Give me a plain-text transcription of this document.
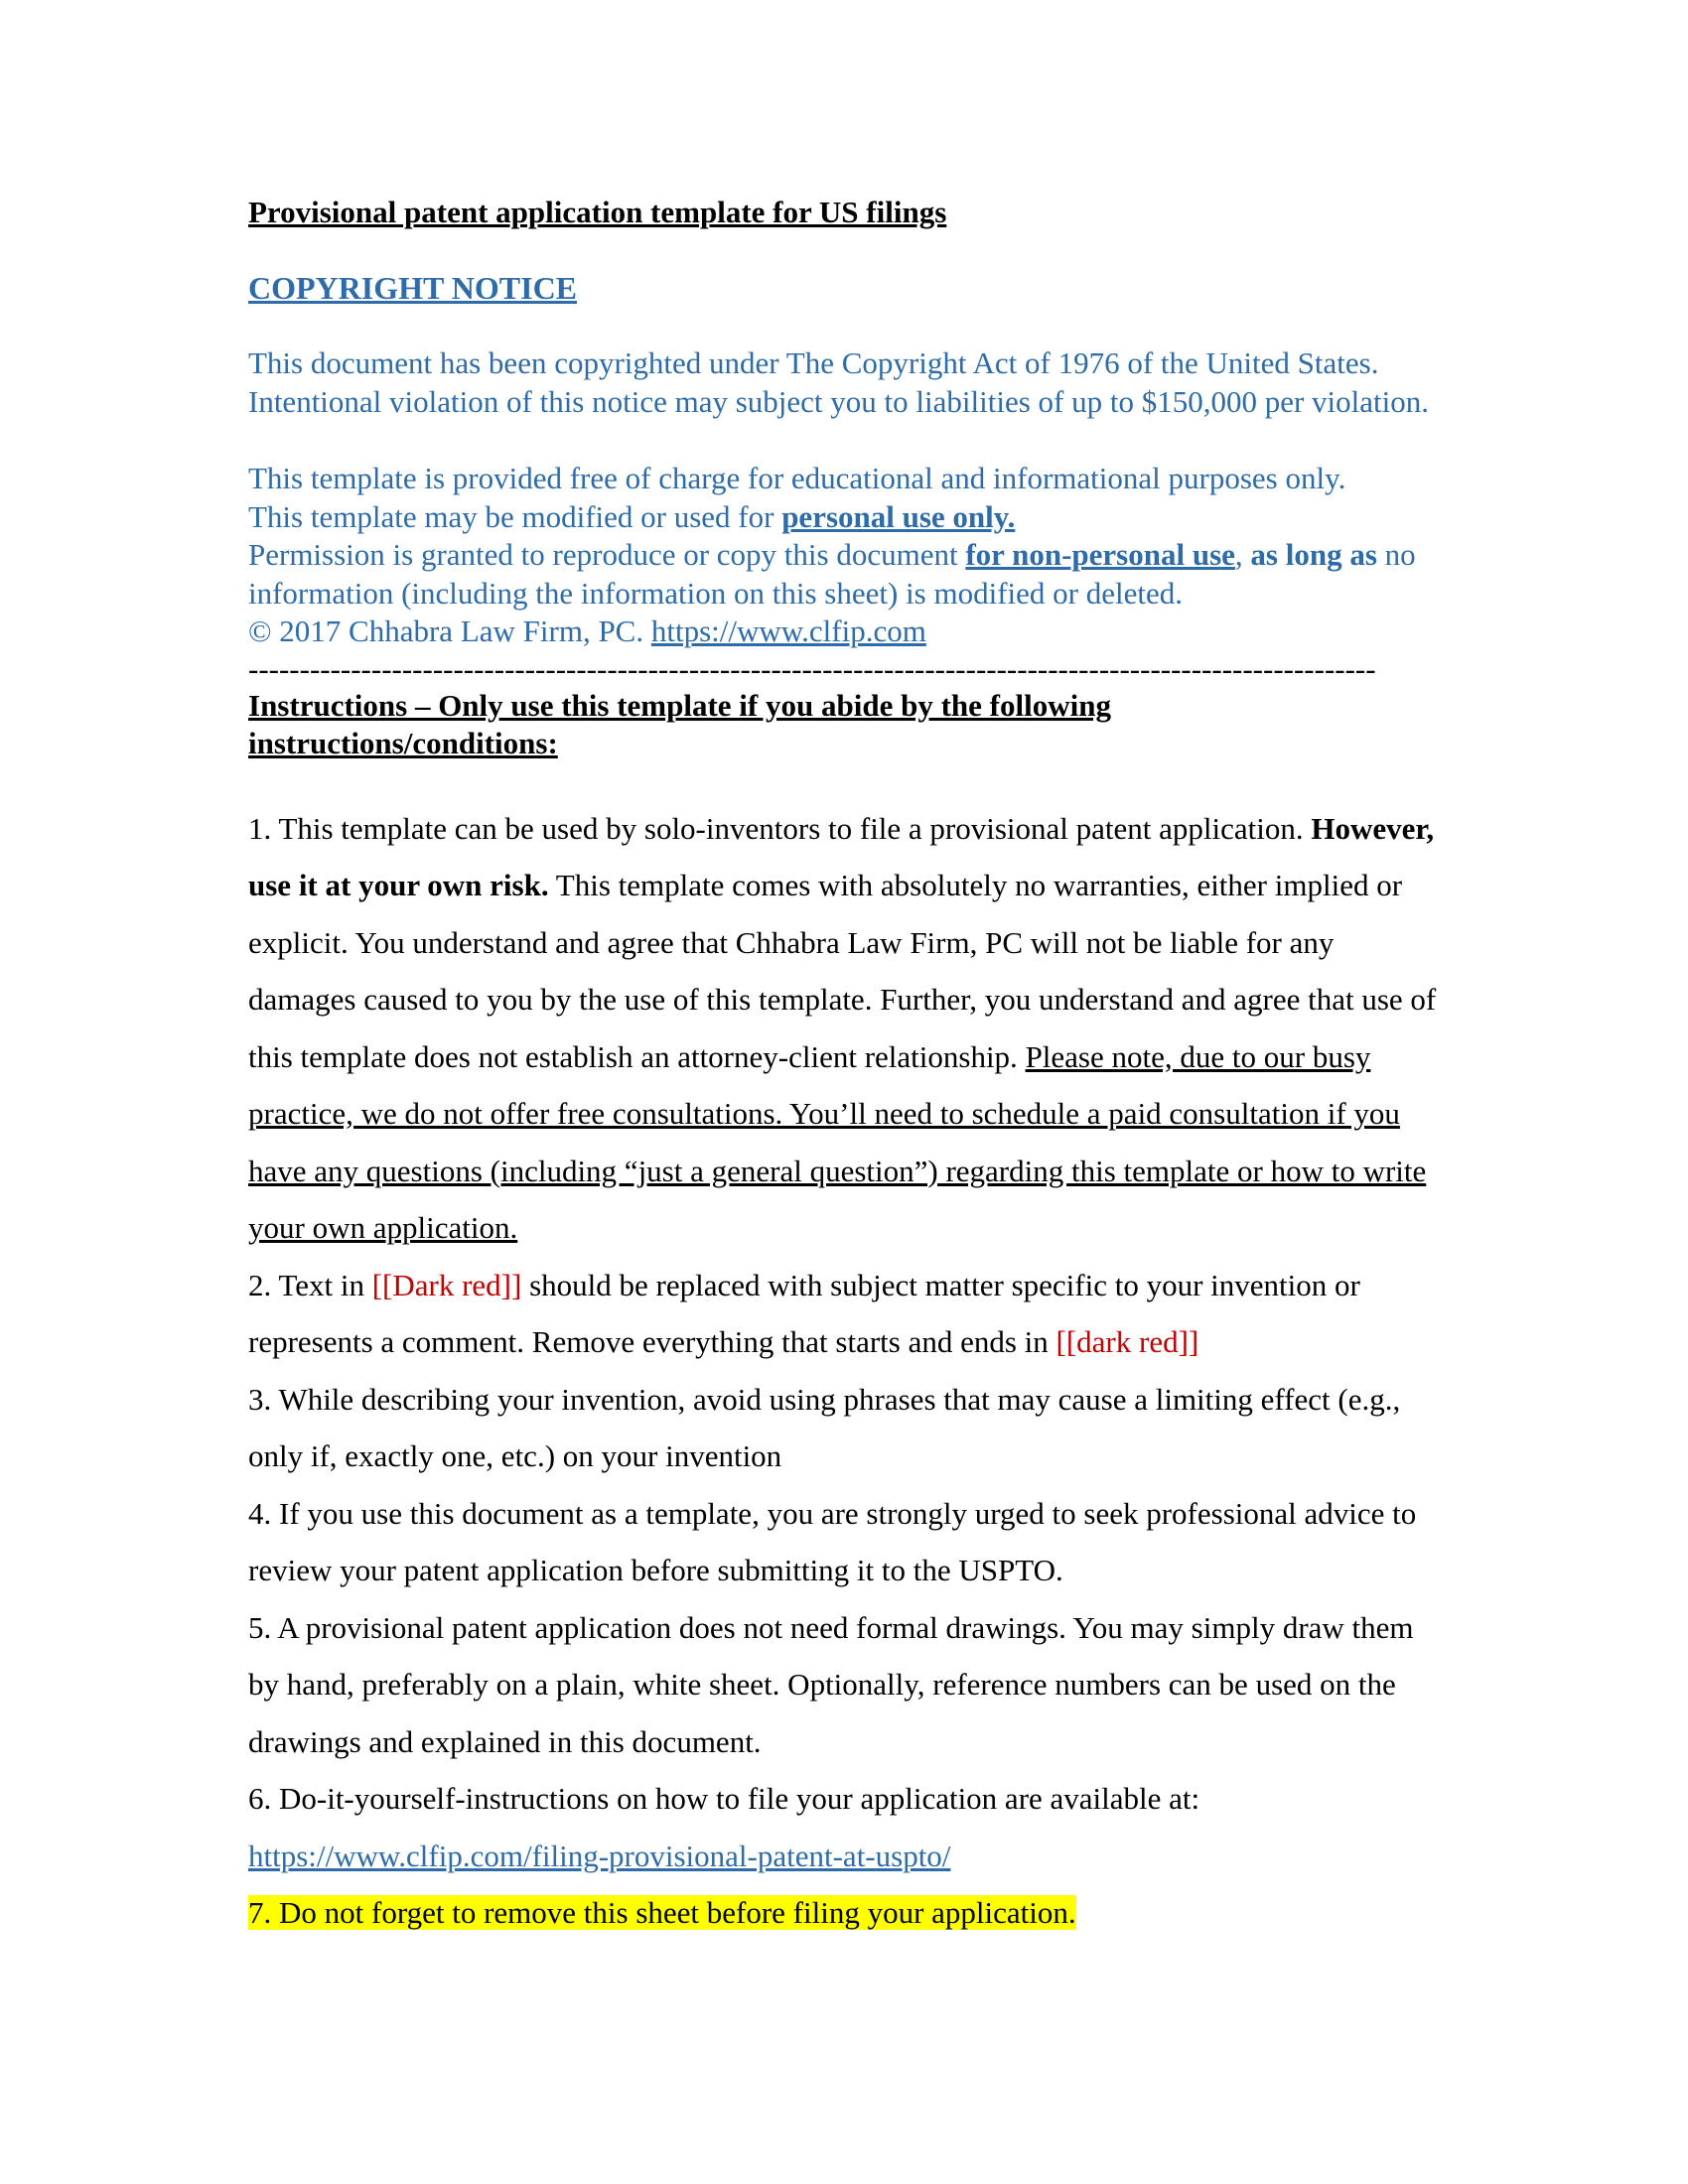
Provisional patent application template for US filings

COPYRIGHT NOTICE
This document has been copyrighted under The Copyright Act of 1976 of the United States. Intentional violation of this notice may subject you to liabilities of up to $150,000 per violation.
This template is provided free of charge for educational and informational purposes only.
This template may be modified or used for personal use only.
Permission is granted to reproduce or copy this document for non-personal use, as long as no information (including the information on this sheet) is modified or deleted.
© 2017 Chhabra Law Firm, PC. https://www.clfip.com
--------------------------------------------------------------------------------------------------------------
Instructions – Only use this template if you abide by the following instructions/conditions:
1. This template can be used by solo-inventors to file a provisional patent application. However, use it at your own risk. This template comes with absolutely no warranties, either implied or explicit. You understand and agree that Chhabra Law Firm, PC will not be liable for any damages caused to you by the use of this template. Further, you understand and agree that use of this template does not establish an attorney-client relationship. Please note, due to our busy practice, we do not offer free consultations. You’ll need to schedule a paid consultation if you have any questions (including “just a general question”) regarding this template or how to write your own application.
2. Text in [[Dark red]] should be replaced with subject matter specific to your invention or represents a comment. Remove everything that starts and ends in [[dark red]]
3. While describing your invention, avoid using phrases that may cause a limiting effect (e.g., only if, exactly one, etc.) on your invention
4. If you use this document as a template, you are strongly urged to seek professional advice to review your patent application before submitting it to the USPTO.
5. A provisional patent application does not need formal drawings. You may simply draw them by hand, preferably on a plain, white sheet. Optionally, reference numbers can be used on the drawings and explained in this document.
6. Do-it-yourself-instructions on how to file your application are available at:
https://www.clfip.com/filing-provisional-patent-at-uspto/
7. Do not forget to remove this sheet before filing your application.
